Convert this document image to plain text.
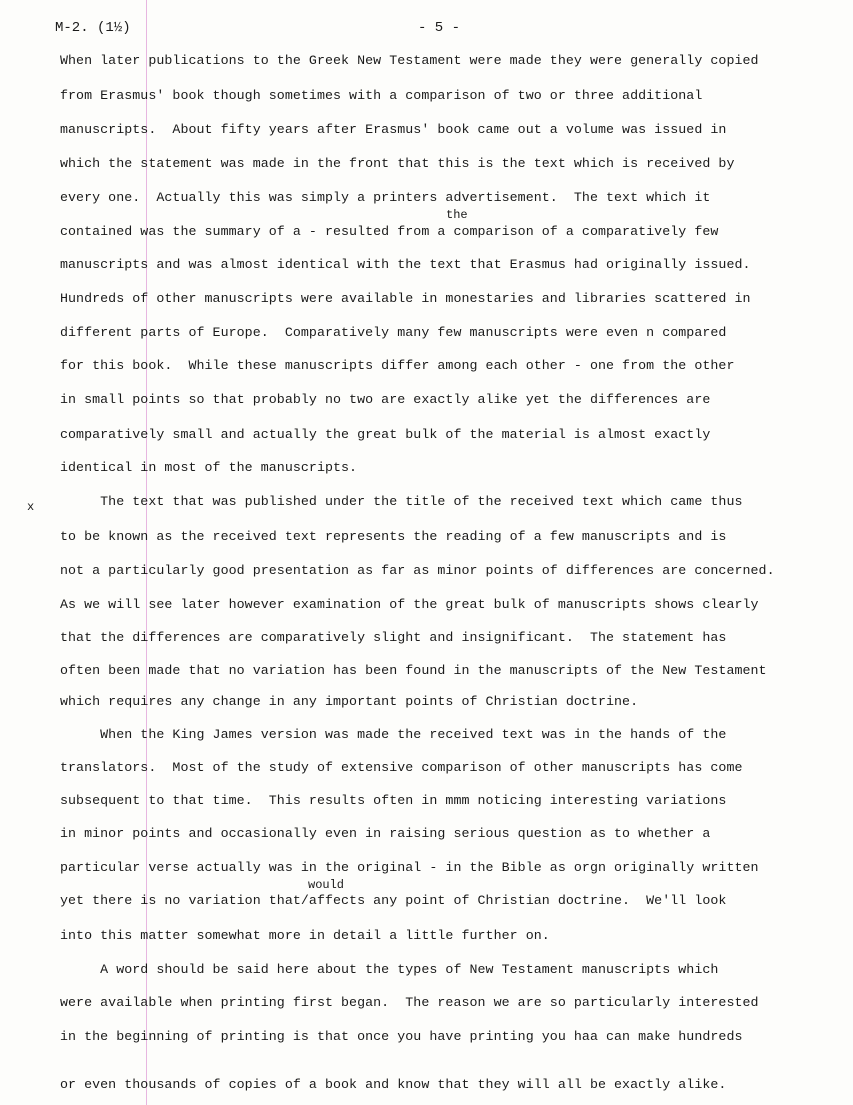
M-2. (1½)	- 5 -
x
the
would
When later publications to the Greek New Testament were made they were generally copied
from Erasmus' book though sometimes with a comparison of two or three additional
manuscripts.  About fifty years after Erasmus' book came out a volume was issued in
which the statement was made in the front that this is the text which is received by
every one.  Actually this was simply a printers advertisement.  The text which it
contained was the summary of a - resulted from a comparison of a comparatively few
manuscripts and was almost identical with the text that Erasmus had originally issued.
Hundreds of other manuscripts were available in monestaries and libraries scattered in
different parts of Europe.  Comparatively many few manuscripts were even n compared
for this book.  While these manuscripts differ among each other - one from the other
in small points so that probably no two are exactly alike yet the differences are
comparatively small and actually the great bulk of the material is almost exactly
identical in most of the manuscripts.
The text that was published under the title of the received text which came thus
to be known as the received text represents the reading of a few manuscripts and is
not a particularly good presentation as far as minor points of differences are concerned.
As we will see later however examination of the great bulk of manuscripts shows clearly
that the differences are comparatively slight and insignificant.  The statement has
often been made that no variation has been found in the manuscripts of the New Testament
which requires any change in any important points of Christian doctrine.
When the King James version was made the received text was in the hands of the
translators.  Most of the study of extensive comparison of other manuscripts has come
subsequent to that time.  This results often in mmm noticing interesting variations
in minor points and occasionally even in raising serious question as to whether a
particular verse actually was in the original - in the Bible as orgn originally written
yet there is no variation that/affects any point of Christian doctrine.  We'll look
into this matter somewhat more in detail a little further on.
A word should be said here about the types of New Testament manuscripts which
were available when printing first began.  The reason we are so particularly interested
in the beginning of printing is that once you have printing you haa can make hundreds
or even thousands of copies of a book and know that they will all be exactly alike.
